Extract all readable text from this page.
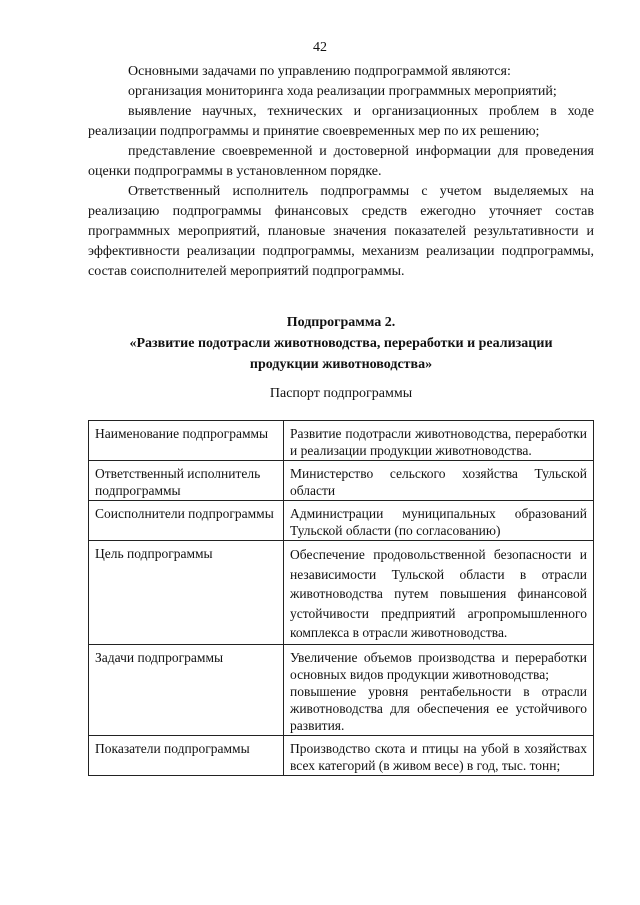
42

Основными задачами по управлению подпрограммой являются:

организация мониторинга хода реализации программных мероприятий;

выявление научных, технических и организационных проблем в ходе реализации подпрограммы и принятие своевременных мер по их решению;

представление своевременной и достоверной информации для проведения оценки подпрограммы в установленном порядке.

Ответственный исполнитель подпрограммы с учетом выделяемых на реализацию подпрограммы финансовых средств ежегодно уточняет состав программных мероприятий, плановые значения показателей результативности и эффективности реализации подпрограммы, механизм реализации подпрограммы, состав соисполнителей мероприятий подпрограммы.

Подпрограмма 2.
«Развитие подотрасли животноводства, переработки и реализации
продукции животноводства»
Паспорт подпрограммы
Наименование подпрограммы	Развитие подотрасли животноводства, переработки и реализации продукции животноводства.

Ответственный исполнитель подпрограммы	Министерство сельского хозяйства Тульской области

Соисполнители подпрограммы	Администрации муниципальных образований Тульской области (по согласованию)

Цель подпрограммы	Обеспечение продовольственной безопасности и независимости Тульской области в отрасли животноводства путем повышения финансовой устойчивости предприятий агропромышленного комплекса в отрасли животноводства.

Задачи подпрограммы	Увеличение объемов производства и переработки основных видов продукции животноводства;
повышение уровня рентабельности в отрасли животноводства для обеспечения ее устойчивого развития.

Показатели подпрограммы	Производство скота и птицы на убой в хозяйствах всех категорий (в живом весе) в год, тыс. тонн;
